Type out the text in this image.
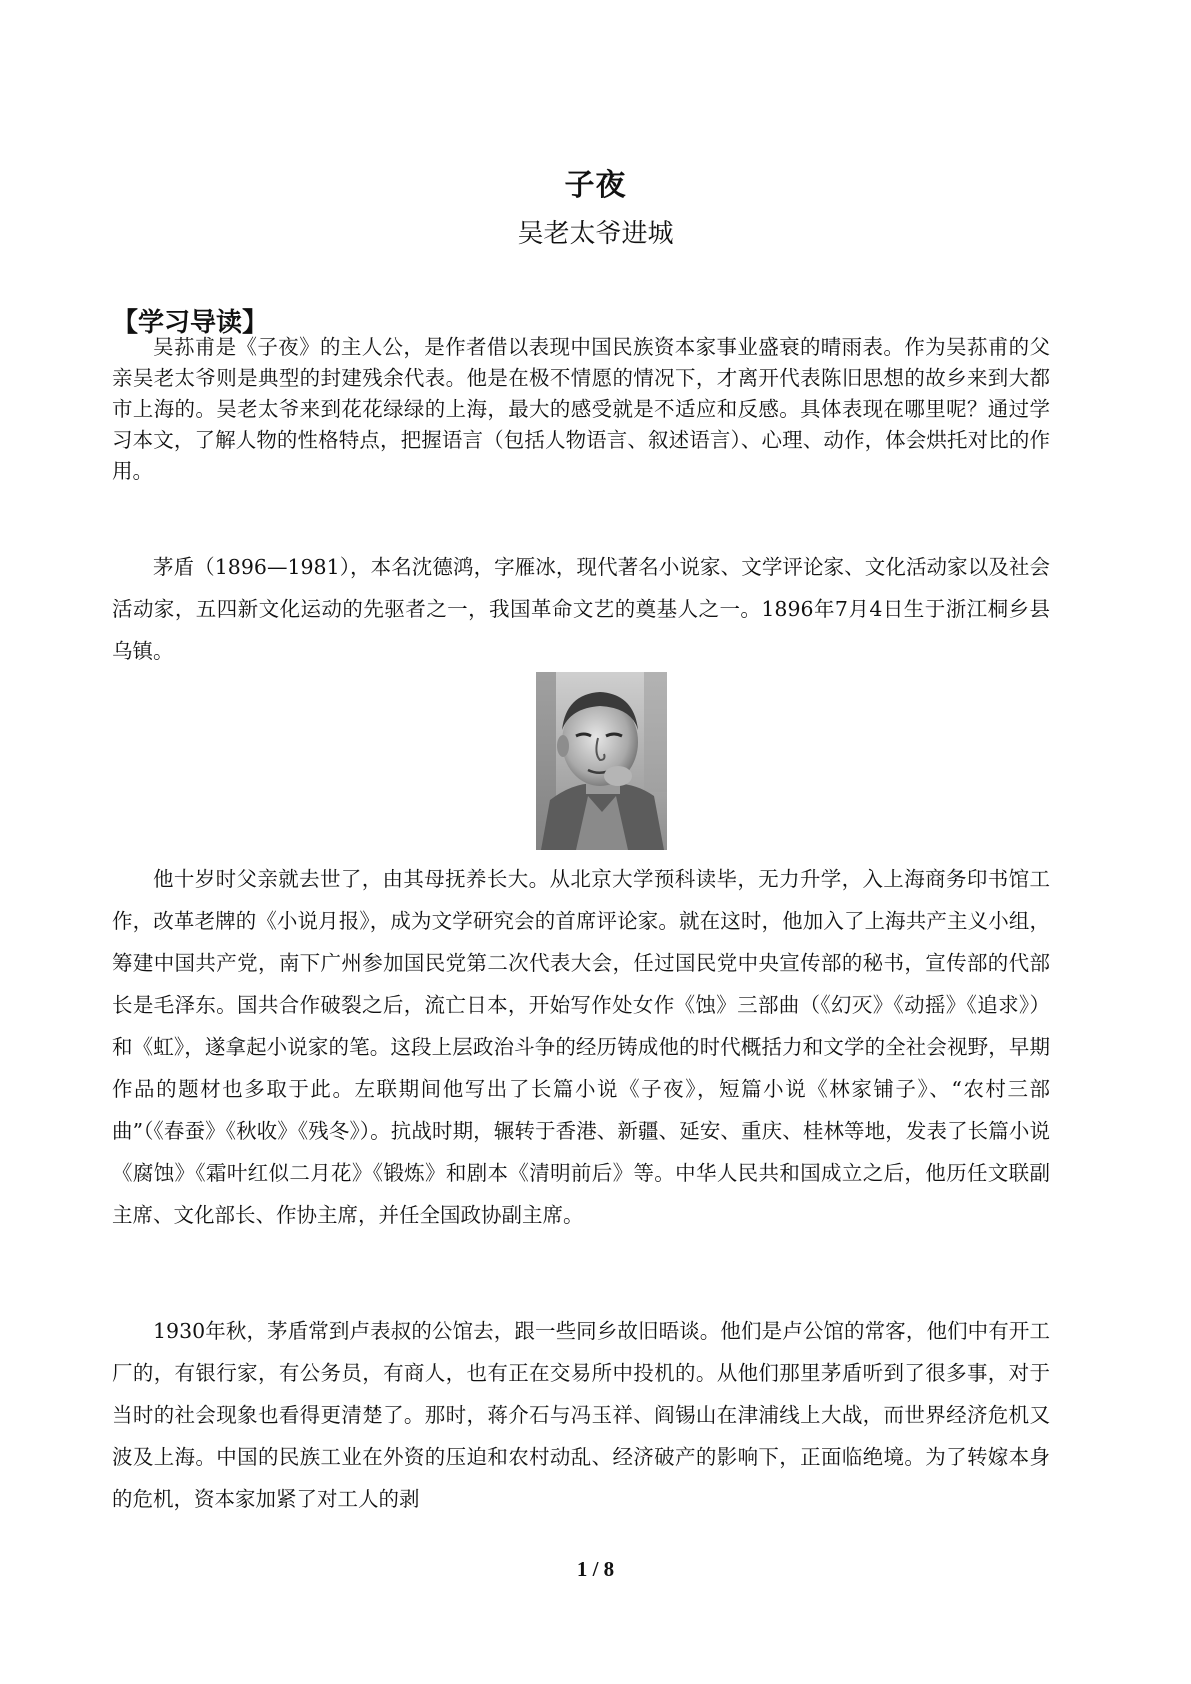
子夜
吴老太爷进城
【学习导读】

吴荪甫是《子夜》的主人公，是作者借以表现中国民族资本家事业盛衰的晴雨表。作为吴荪甫的父亲吴老太爷则是典型的封建残余代表。他是在极不情愿的情况下，才离开代表陈旧思想的故乡来到大都市上海的。吴老太爷来到花花绿绿的上海，最大的感受就是不适应和反感。具体表现在哪里呢？通过学习本文，了解人物的性格特点，把握语言（包括人物语言、叙述语言）、心理、动作，体会烘托对比的作用。

茅盾（1896—1981），本名沈德鸿，字雁冰，现代著名小说家、文学评论家、文化活动家以及社会活动家，五四新文化运动的先驱者之一，我国革命文艺的奠基人之一。1896年7月4日生于浙江桐乡县乌镇。

他十岁时父亲就去世了，由其母抚养长大。从北京大学预科读毕，无力升学，入上海商务印书馆工作，改革老牌的《小说月报》，成为文学研究会的首席评论家。就在这时，他加入了上海共产主义小组，筹建中国共产党，南下广州参加国民党第二次代表大会，任过国民党中央宣传部的秘书，宣传部的代部长是毛泽东。国共合作破裂之后，流亡日本，开始写作处女作《蚀》三部曲（《幻灭》《动摇》《追求》）和《虹》，遂拿起小说家的笔。这段上层政治斗争的经历铸成他的时代概括力和文学的全社会视野，早期作品的题材也多取于此。左联期间他写出了长篇小说《子夜》，短篇小说《林家铺子》、“农村三部曲”（《春蚕》《秋收》《残冬》）。抗战时期，辗转于香港、新疆、延安、重庆、桂林等地，发表了长篇小说《腐蚀》《霜叶红似二月花》《锻炼》和剧本《清明前后》等。中华人民共和国成立之后，他历任文联副主席、文化部长、作协主席，并任全国政协副主席。

1930年秋，茅盾常到卢表叔的公馆去，跟一些同乡故旧晤谈。他们是卢公馆的常客，他们中有开工厂的，有银行家，有公务员，有商人，也有正在交易所中投机的。从他们那里茅盾听到了很多事，对于当时的社会现象也看得更清楚了。那时，蒋介石与冯玉祥、阎锡山在津浦线上大战，而世界经济危机又波及上海。中国的民族工业在外资的压迫和农村动乱、经济破产的影响下，正面临绝境。为了转嫁本身的危机，资本家加紧了对工人的剥

1 / 8
